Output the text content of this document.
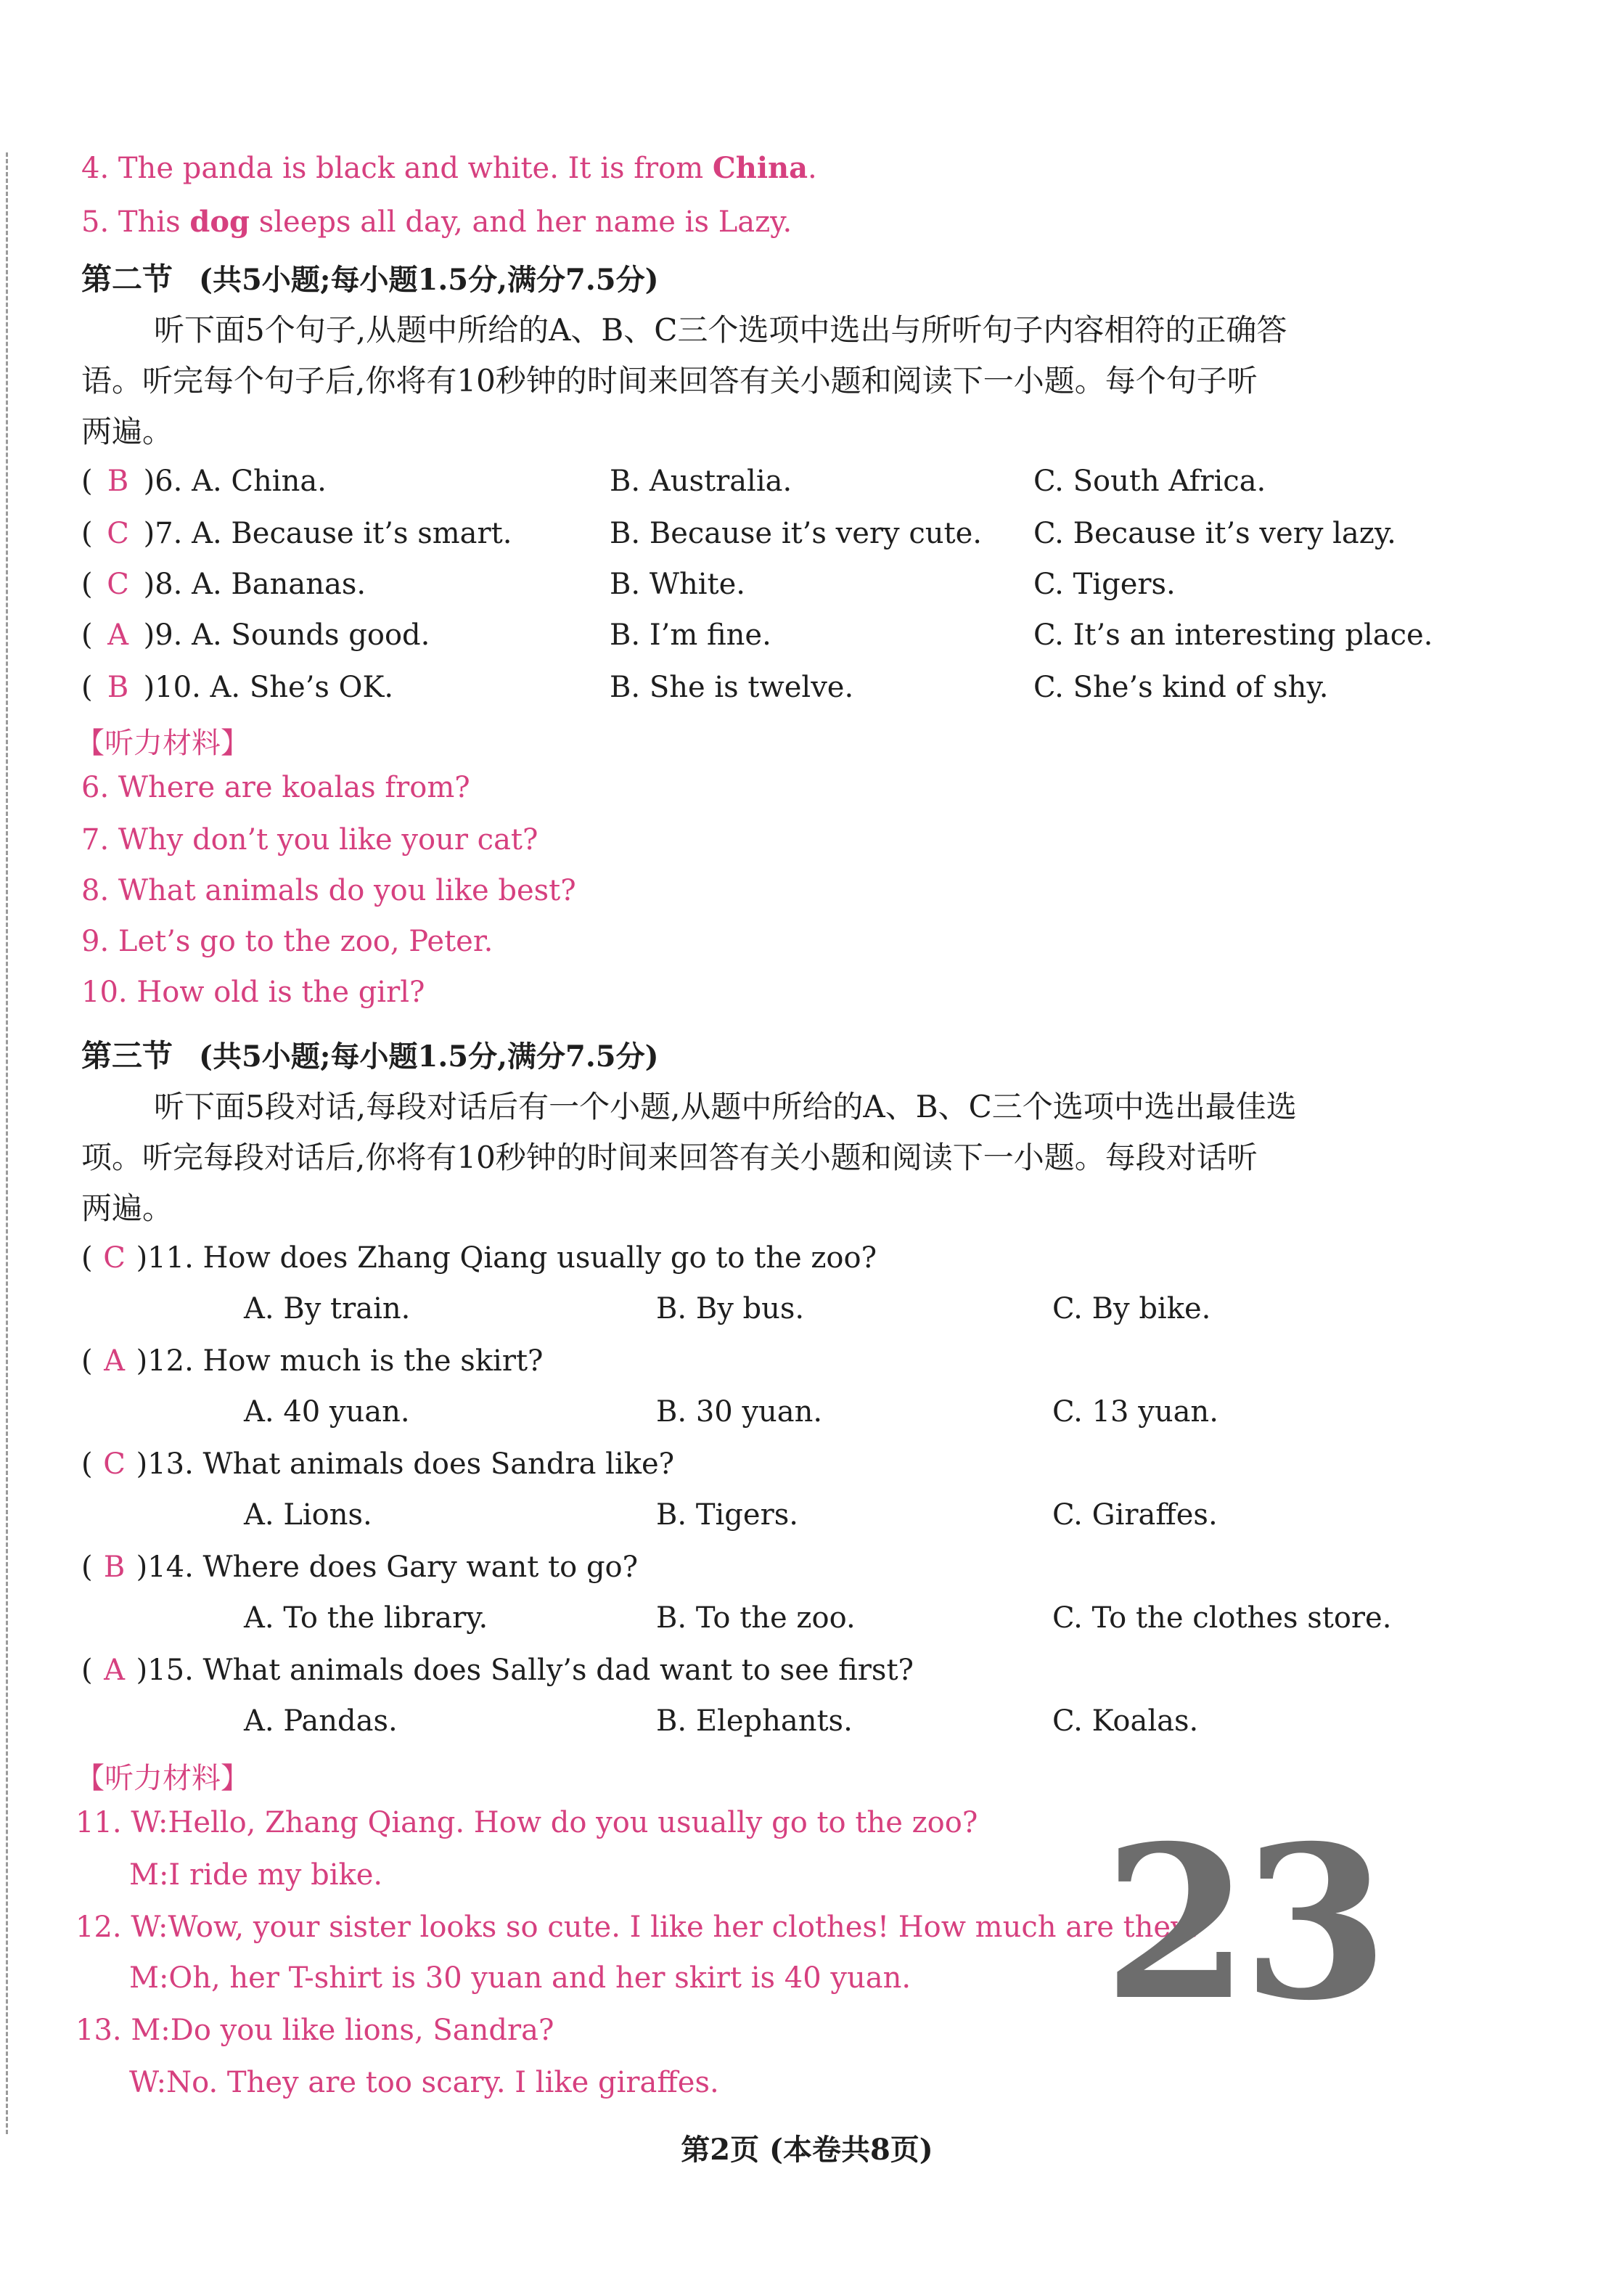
4. The panda is black and white. It is from China.
5. This dog sleeps all day, and her name is Lazy.
第二节 (共5小题;每小题1.5分,满分7.5分)
听下面5个句子,从题中所给的A、B、C三个选项中选出与所听句子内容相符的正确答
语。听完每个句子后,你将有10秒钟的时间来回答有关小题和阅读下一小题。每个句子听
两遍。
( B )6. A. China.	B. Australia.	C. South Africa.
( C )7. A. Because it’s smart.	B. Because it’s very cute. C. Because it’s very lazy.
( C )8. A. Bananas.	B. White.	C. Tigers.
( A )9. A. Sounds good.	B. I’m fine.	C. It’s an interesting place.
( B )10. A. She’s OK.	B. She is twelve.	C. She’s kind of shy.
【听力材料】
6. Where are koalas from?
7. Why don’t you like your cat?
8. What animals do you like best?
9. Let’s go to the zoo, Peter.
10. How old is the girl?
第三节 (共5小题;每小题1.5分,满分7.5分)
听下面5段对话,每段对话后有一个小题,从题中所给的A、B、C三个选项中选出最佳选
项。听完每段对话后,你将有10秒钟的时间来回答有关小题和阅读下一小题。每段对话听
两遍。
( C )11. How does Zhang Qiang usually go to the zoo?
A. By train.	B. By bus.	C. By bike.
( A )12. How much is the skirt?
A. 40 yuan.	B. 30 yuan.	C. 13 yuan.
( C )13. What animals does Sandra like?
A. Lions.	B. Tigers.	C. Giraffes.
( B )14. Where does Gary want to go?
A. To the library.	B. To the zoo.	C. To the clothes store.
( A )15. What animals does Sally’s dad want to see first?
A. Pandas.	B. Elephants.	C. Koalas.
【听力材料】
11. W:Hello, Zhang Qiang. How do you usually go to the zoo?
M:I ride my bike.
12. W:Wow, your sister looks so cute. I like her clothes! How much are they?
M:Oh, her T-shirt is 30 yuan and her skirt is 40 yuan.
13. M:Do you like lions, Sandra?
W:No. They are too scary. I like giraffes.
23
第2页 (本卷共8页)
